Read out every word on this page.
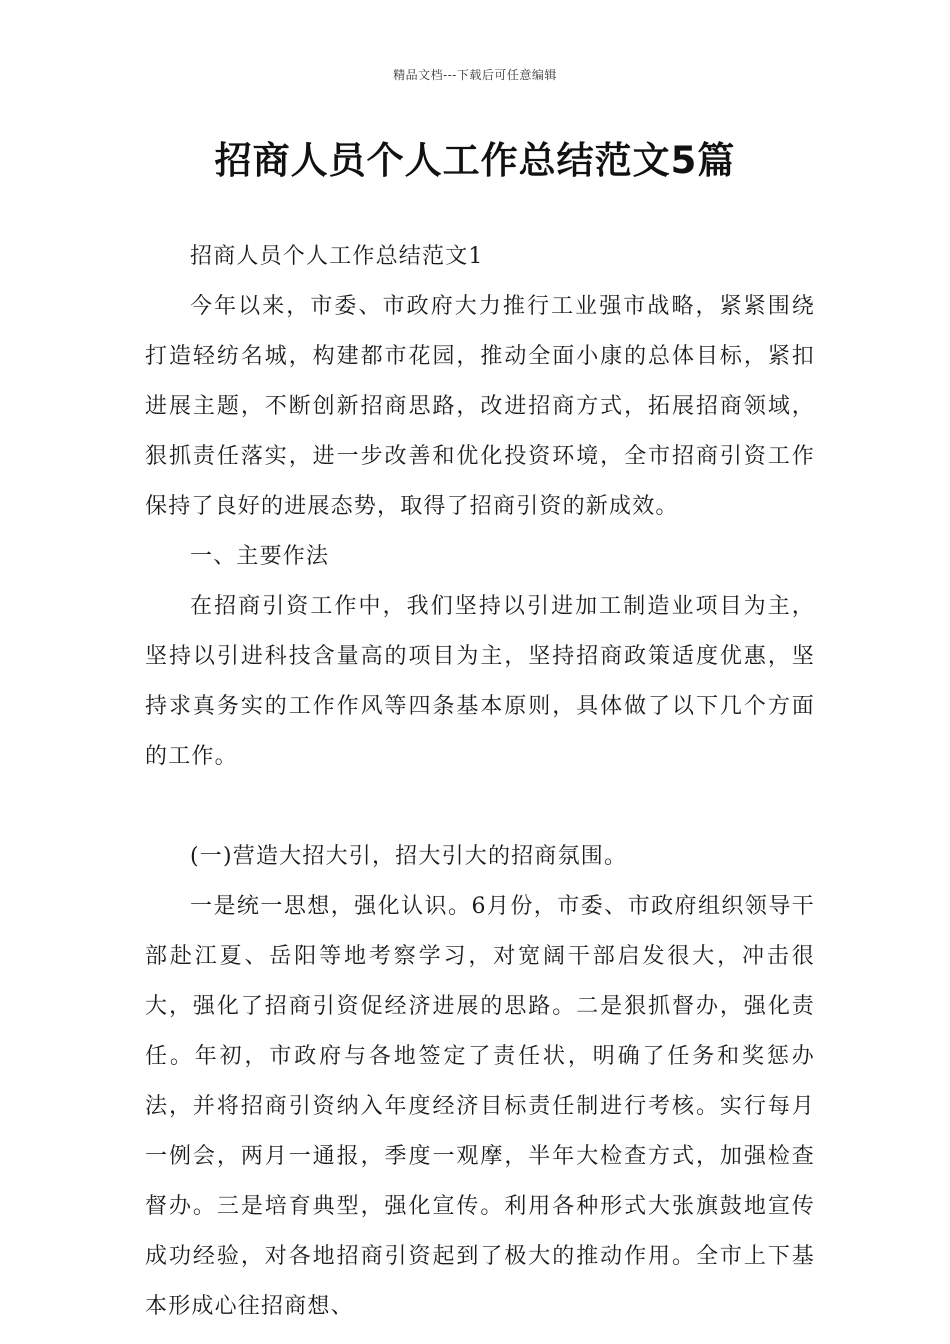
精品文档---下载后可任意编辑
招商人员个人工作总结范文5篇

招商人员个人工作总结范文1

今年以来，市委、市政府大力推行工业强市战略，紧紧围绕打造轻纺名城，构建都市花园，推动全面小康的总体目标，紧扣进展主题，不断创新招商思路，改进招商方式，拓展招商领域，狠抓责任落实，进一步改善和优化投资环境，全市招商引资工作保持了良好的进展态势，取得了招商引资的新成效。

一、主要作法

在招商引资工作中，我们坚持以引进加工制造业项目为主，坚持以引进科技含量高的项目为主，坚持招商政策适度优惠，坚持求真务实的工作作风等四条基本原则，具体做了以下几个方面的工作。

(一)营造大招大引，招大引大的招商氛围。

一是统一思想，强化认识。6月份，市委、市政府组织领导干部赴江夏、岳阳等地考察学习，对宽阔干部启发很大，冲击很大，强化了招商引资促经济进展的思路。二是狠抓督办，强化责任。年初，市政府与各地签定了责任状，明确了任务和奖惩办法，并将招商引资纳入年度经济目标责任制进行考核。实行每月一例会，两月一通报，季度一观摩，半年大检查方式，加强检查督办。三是培育典型，强化宣传。利用各种形式大张旗鼓地宣传成功经验，对各地招商引资起到了极大的推动作用。全市上下基本形成心往招商想、
